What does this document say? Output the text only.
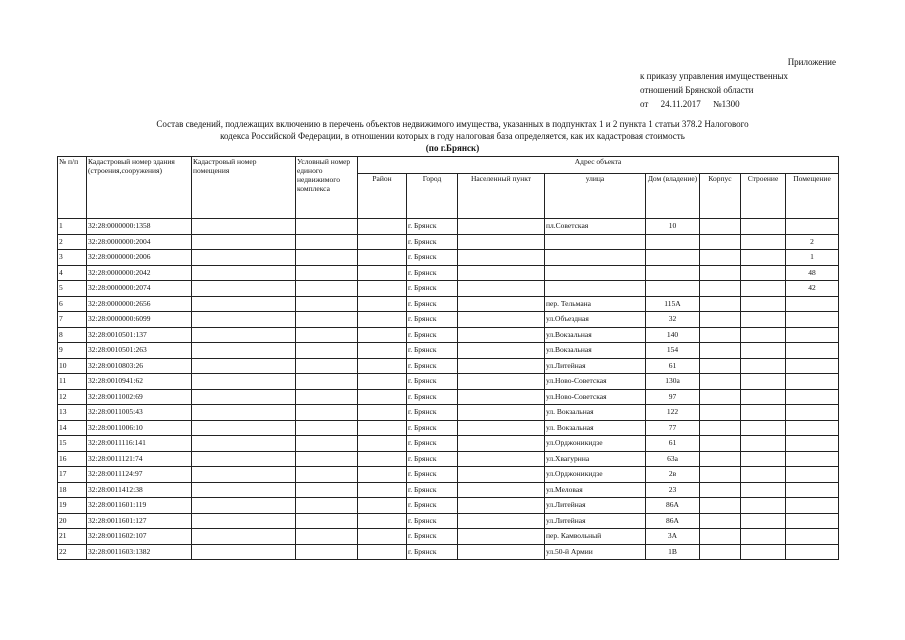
Приложение
к приказу управления имущественных
отношений Брянской области
от 24.11.2017 №1300
Состав сведений, подлежащих включению в перечень объектов недвижимого имущества, указанных в подпунктах 1 и 2 пункта 1 статьи 378.2 Налогового
кодекса Российской Федерации, в отношении которых в году налоговая база определяется, как их кадастровая стоимость
(по г.Брянск)
№ п/п	Кадастровый номер здания (строения,сооружения)	Кадастровый номер помещения	Условный номер единого недвижимого комплекса	Адрес объекта							
				Район	Город	Населенный пункт	улица	Дом (владение)	Корпус	Строение	Помещение
1	32:28:0000000:1358				г. Брянск		пл.Советская	10			
2	32:28:0000000:2004				г. Брянск						2
3	32:28:0000000:2006				г. Брянск						1
4	32:28:0000000:2042				г. Брянск						48
5	32:28:0000000:2074				г. Брянск						42
6	32:28:0000000:2656				г. Брянск		пер. Тельмана	115А			
7	32:28:0000000:6099				г. Брянск		ул.Объездная	32			
8	32:28:0010501:137				г. Брянск		ул.Вокзальная	140			
9	32:28:0010501:263				г. Брянск		ул.Вокзальная	154			
10	32:28:0010803:26				г. Брянск		ул.Литейная	61			
11	32:28:0010941:62				г. Брянск		ул.Ново-Советская	130а			
12	32:28:0011002:69				г. Брянск		ул.Ново-Советская	97			
13	32:28:0011005:43				г. Брянск		ул. Вокзальная	122			
14	32:28:0011006:10				г. Брянск		ул. Вокзальная	77			
15	32:28:0011116:141				г. Брянск		ул.Орджоникидзе	61			
16	32:28:0011121:74				г. Брянск		ул.Хвагурнна	63а			
17	32:28:0011124:97				г. Брянск		ул.Орджоникидзе	2в			
18	32:28:0011412:38				г. Брянск		ул.Меловая	23			
19	32:28:0011601:119				г. Брянск		ул.Литейная	86А			
20	32:28:0011601:127				г. Брянск		ул.Литейная	86А			
21	32:28:0011602:107				г. Брянск		пер. Камвольный	3А			
22	32:28:0011603:1382				г. Брянск		ул.50-й Армии	1В			
